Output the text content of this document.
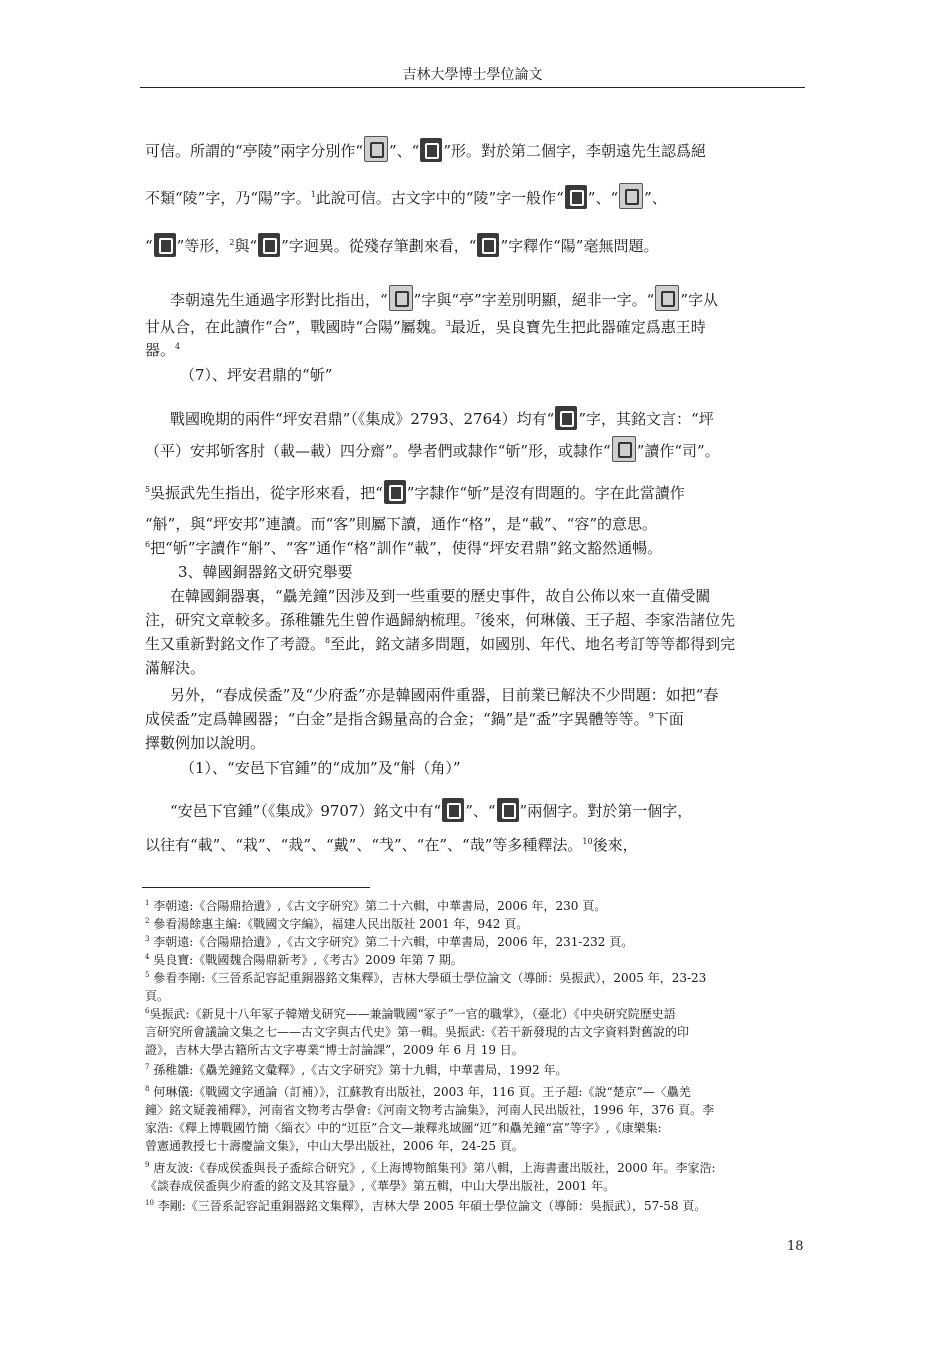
吉林大學博士學位論文
可信。所謂的“亭陵”兩字分別作“ ”、“ ”形。對於第二個字，李朝遠先生認爲絕
不類“陵”字，乃“陽”字。$^1$此說可信。古文字中的“陵”字一般作“ ”、“ ”、
“ ”等形，$^2$與“ ”字迥異。從殘存筆劃來看，“ ”字釋作“陽”毫無問題。
李朝遠先生通過字形對比指出，“ ”字與“亭”字差別明顯，絕非一字。“ ”字从
甘从合，在此讀作“合”，戰國時“合陽”屬魏。$^3$最近，吳良寶先生把此器確定爲惠王時
器。$^4$
（7）、坪安君鼎的“斪”
戰國晚期的兩件“坪安君鼎”（《集成》2793、2764）均有“ ”字，其銘文言：“坪
（平）安邦斪客肘（載—載）四分齋”。學者們或隸作“斪”形，或隸作“ ”讀作“司”。
$^5$吳振武先生指出，從字形來看，把“ ”字隸作“斪”是沒有問題的。字在此當讀作
“斛”，與“坪安邦”連讀。而“客”則屬下讀，通作“格”，是“載”、“容”的意思。
$^6$把“斪”字讀作“斛”、“客”通作“格”訓作“載”，使得“坪安君鼎”銘文豁然通暢。
3、韓國銅器銘文研究舉要
在韓國銅器裏，“驫羌鐘”因涉及到一些重要的歷史事件，故自公佈以來一直備受關
注，研究文章較多。孫稚雛先生曾作過歸納梳理。$^7$後來，何琳儀、王子超、李家浩諸位先
生又重新對銘文作了考證。$^8$至此，銘文諸多問題，如國別、年代、地名考訂等等都得到完
滿解決。
另外，“春成侯盉”及“少府盉”亦是韓國兩件重器，目前業已解決不少問題：如把“春
成侯盉”定爲韓國器；“白金”是指含錫量高的合金；“鍋”是“盉”字異體等等。$^9$下面
擇數例加以說明。
（1）、“安邑下官鍾”的“成加”及“斛（角）”
“安邑下官鍾”（《集成》9707）銘文中有“ ”、“ ”兩個字。對於第一個字，
以往有“載”、“栽”、“烖”、“戴”、“𢦏”、“在”、“哉”等多種釋法。$^{10}$後來，
$^1$ 李朝遠:《合陽鼎拾遺》,《古文字研究》第二十六輯，中華書局，2006 年，230 頁。
$^2$ 參看湯餘惠主編:《戰國文字編》，福建人民出版社 2001 年，942 頁。
$^3$ 李朝遠:《合陽鼎拾遺》,《古文字研究》第二十六輯，中華書局，2006 年，231-232 頁。
$^4$ 吳良寶:《戰國魏合陽鼎新考》,《考古》2009 年第 7 期。
$^5$ 參看李剛:《三晉系記容記重銅器銘文集釋》，吉林大學碩士學位論文（導師：吳振武），2005 年，23-23
頁。
$^6$吳振武:《新見十八年冢子韓矰戈研究——兼論戰國“冢子”一官的職掌》，（臺北）《中央研究院歷史語
言研究所會議論文集之七——古文字與古代史》第一輯。吳振武:《若干新發現的古文字資料對舊說的印
證》，吉林大學古籍所古文字專業“博士討論課”，2009 年 6 月 19 日。
$^7$ 孫稚雛:《驫羌鐘銘文彙釋》,《古文字研究》第十九輯，中華書局，1992 年。
$^8$ 何琳儀:《戰國文字通論（訂補）》，江蘇教育出版社，2003 年，116 頁。王子超:《說“楚京”—〈驫羌
鐘〉銘文疑義補釋》，河南省文物考古學會:《河南文物考古論集》，河南人民出版社，1996 年，376 頁。李
家浩:《釋上博戰國竹簡〈緇衣〉中的“䢋臣”合文—兼釋兆域圖“䢋”和驫羌鐘“富”等字》,《康樂集:
曾憲通教授七十壽慶論文集》，中山大學出版社，2006 年，24-25 頁。
$^9$ 唐友波:《春成侯盉與長子盉綜合研究》,《上海博物館集刊》第八輯，上海書畫出版社，2000 年。李家浩:
《談春成侯盉與少府盉的銘文及其容量》,《華學》第五輯，中山大學出版社，2001 年。
$^{10}$ 李剛:《三晉系記容記重銅器銘文集釋》，吉林大學 2005 年碩士學位論文（導師：吳振武），57-58 頁。
18
